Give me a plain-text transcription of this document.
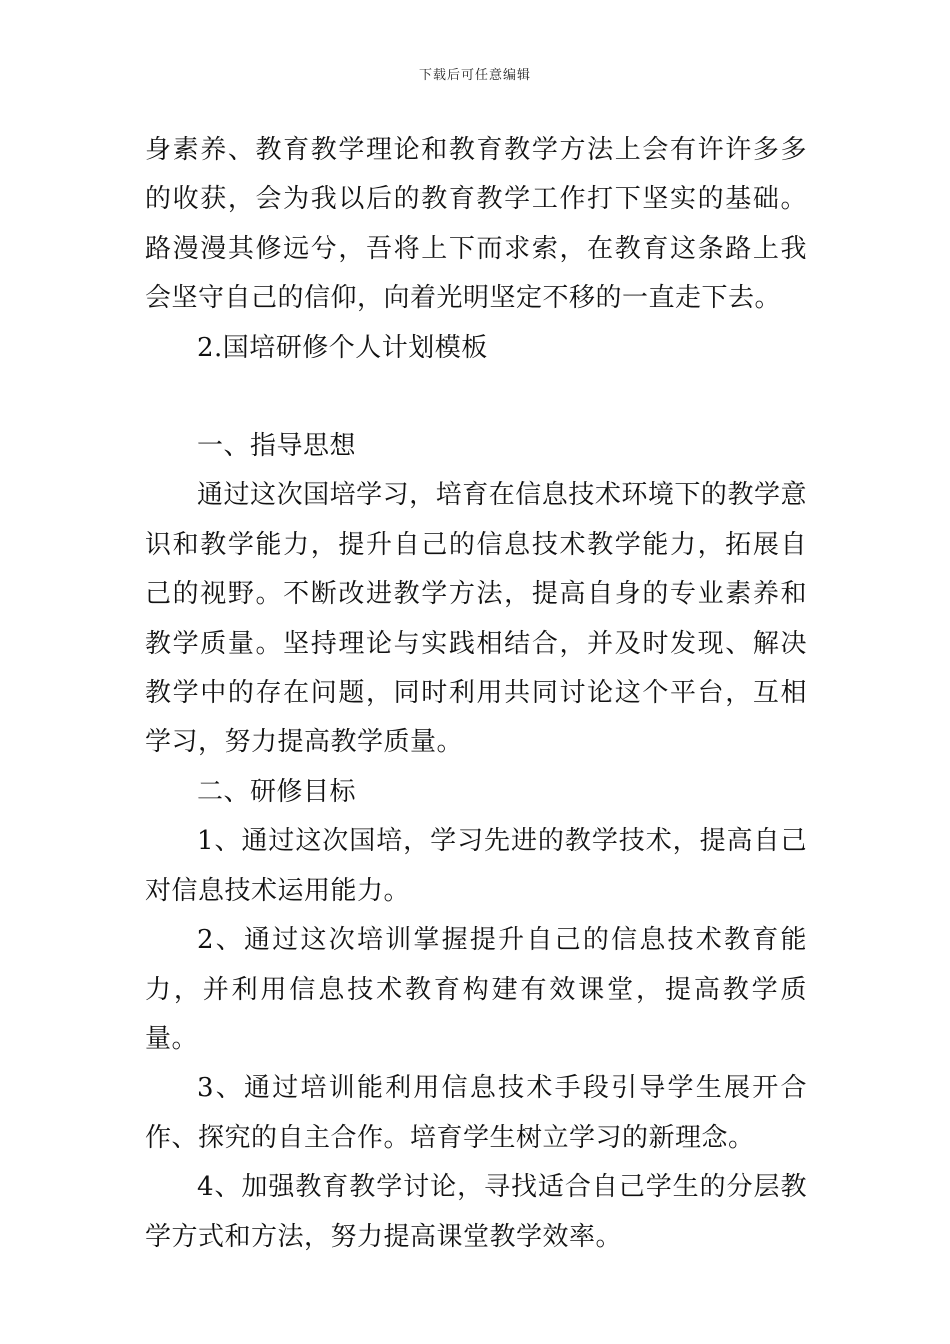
下载后可任意编辑

身素养、教育教学理论和教育教学方法上会有许许多多的收获，会为我以后的教育教学工作打下坚实的基础。路漫漫其修远兮，吾将上下而求索，在教育这条路上我会坚守自己的信仰，向着光明坚定不移的一直走下去。

2.国培研修个人计划模板

一、指导思想

通过这次国培学习，培育在信息技术环境下的教学意识和教学能力，提升自己的信息技术教学能力，拓展自己的视野。不断改进教学方法，提高自身的专业素养和教学质量。坚持理论与实践相结合，并及时发现、解决教学中的存在问题，同时利用共同讨论这个平台，互相学习，努力提高教学质量。

二、研修目标

1、通过这次国培，学习先进的教学技术，提高自己对信息技术运用能力。

2、通过这次培训掌握提升自己的信息技术教育能力，并利用信息技术教育构建有效课堂，提高教学质量。

3、通过培训能利用信息技术手段引导学生展开合作、探究的自主合作。培育学生树立学习的新理念。

4、加强教育教学讨论，寻找适合自己学生的分层教学方式和方法，努力提高课堂教学效率。
